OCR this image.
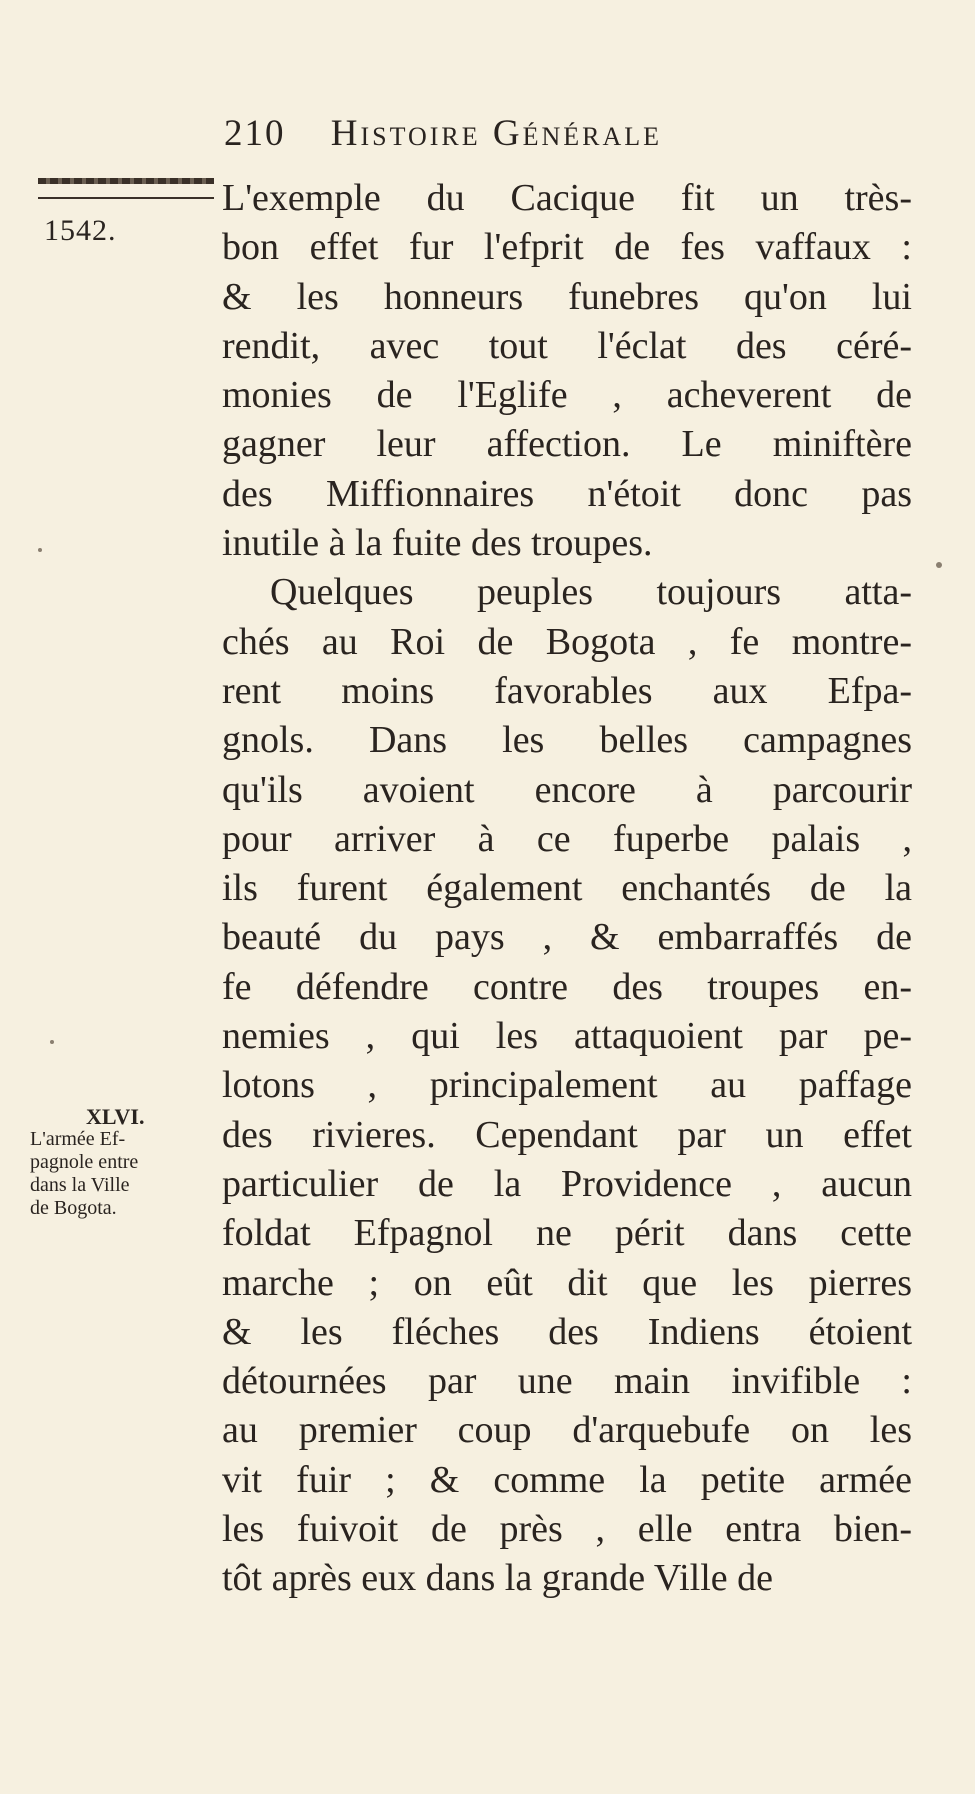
210 Histoire Générale
1542.
L'exemple du Cacique fit un très-
bon effet fur l'efprit de fes vaffaux :
& les honneurs funebres qu'on lui
rendit, avec tout l'éclat des céré-
monies de l'Eglife , acheverent de
gagner leur affection. Le miniftère
des Miffionnaires n'étoit donc pas
inutile à la fuite des troupes.
Quelques peuples toujours atta-
chés au Roi de Bogota , fe montre-
rent moins favorables aux Efpa-
gnols. Dans les belles campagnes
qu'ils avoient encore à parcourir
pour arriver à ce fuperbe palais ,
ils furent également enchantés de la
beauté du pays , & embarraffés de
fe défendre contre des troupes en-
nemies , qui les attaquoient par pe-
lotons , principalement au paffage
des rivieres. Cependant par un effet
particulier de la Providence , aucun
foldat Efpagnol ne périt dans cette
marche ; on eût dit que les pierres
& les fléches des Indiens étoient
détournées par une main invifible :
au premier coup d'arquebufe on les
vit fuir ; & comme la petite armée
les fuivoit de près , elle entra bien-
tôt après eux dans la grande Ville de
XLVI.
L'armée Ef-
pagnole entre
dans la Ville
de Bogota.
